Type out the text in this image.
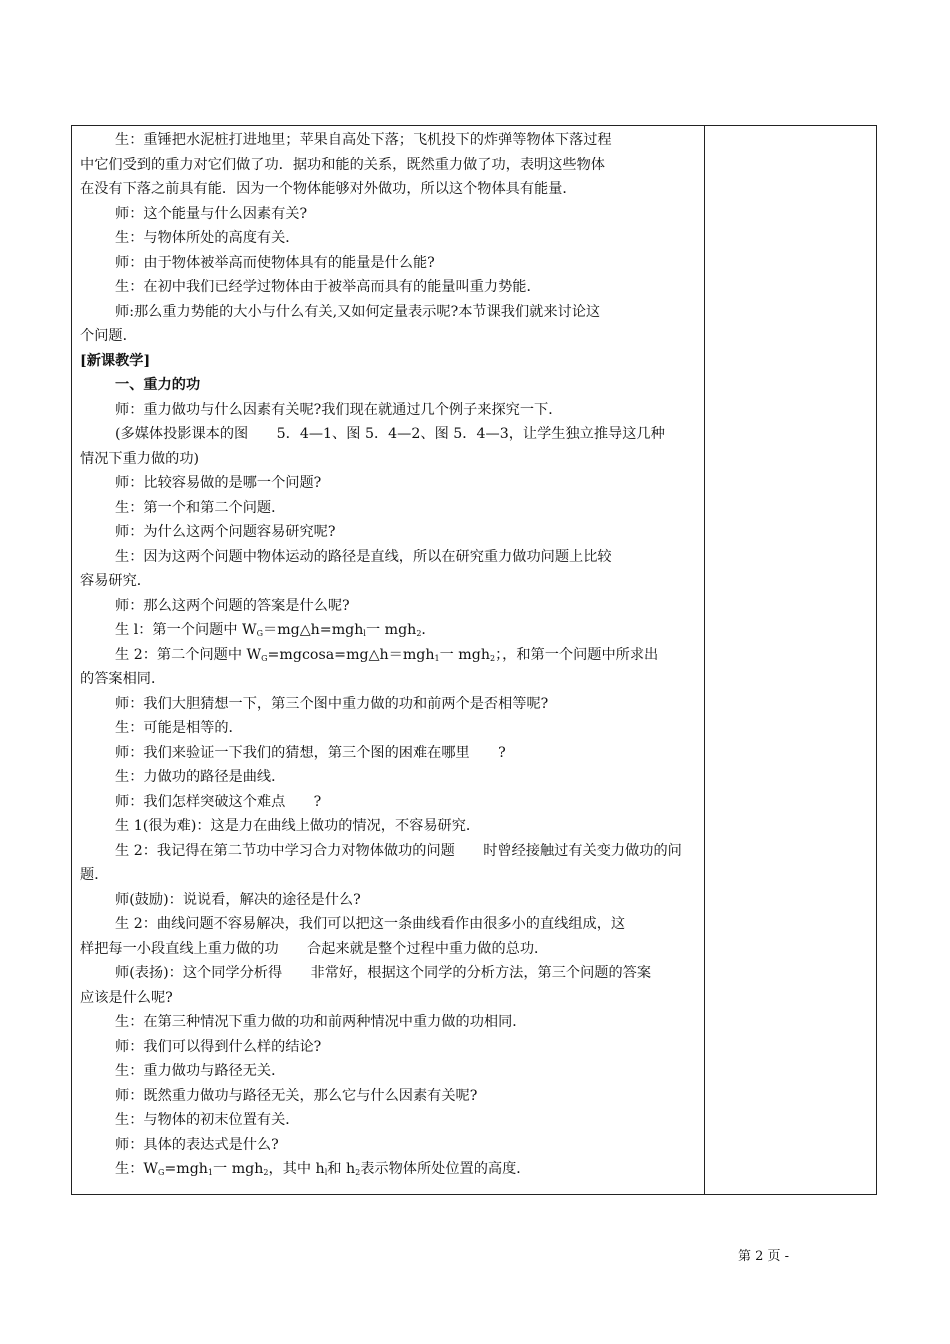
生：重锤把水泥桩打进地里；苹果自高处下落；飞机投下的炸弹等物体下落过程
中它们受到的重力对它们做了功．据功和能的关系，既然重力做了功，表明这些物体
在没有下落之前具有能．因为一个物体能够对外做功，所以这个物体具有能量．
师：这个能量与什么因素有关?
生：与物体所处的高度有关．
师：由于物体被举高而使物体具有的能量是什么能?
生：在初中我们已经学过物体由于被举高而具有的能量叫重力势能．
师:那么重力势能的大小与什么有关,又如何定量表示呢?本节课我们就来讨论这
个问题．
[新课教学]
一、重力的功
师：重力做功与什么因素有关呢?我们现在就通过几个例子来探究一下．
(多媒体投影课本的图　　5．4—1、图 5．4—2、图 5．4—3，让学生独立推导这几种
情况下重力做的功)
师：比较容易做的是哪一个问题?
生：第一个和第二个问题．
师：为什么这两个问题容易研究呢?
生：因为这两个问题中物体运动的路径是直线，所以在研究重力做功问题上比较
容易研究．
师：那么这两个问题的答案是什么呢?
生 l：第一个问题中 $W_G=mg\triangle h=mgh_l$一 mgh$_2$．
生 2：第二个问题中 $W_G=mgcosa=mg\triangle h=mgh_1$一 mgh$_2$；，和第一个问题中所求出
的答案相同．
师：我们大胆猜想一下，第三个图中重力做的功和前两个是否相等呢?
生：可能是相等的．
师：我们来验证一下我们的猜想，第三个图的困难在哪里　　?
生：力做功的路径是曲线．
师：我们怎样突破这个难点　　?
生 1(很为难)：这是力在曲线上做功的情况，不容易研究．
生 2：我记得在第二节功中学习合力对物体做功的问题　　时曾经接触过有关变力做功的问
题．
师(鼓励)：说说看，解决的途径是什么?
生 2：曲线问题不容易解决，我们可以把这一条曲线看作由很多小的直线组成，这
样把每一小段直线上重力做的功　　合起来就是整个过程中重力做的总功．
师(表扬)：这个同学分析得　　非常好，根据这个同学的分析方法，第三个问题的答案
应该是什么呢?
生：在第三种情况下重力做的功和前两种情况中重力做的功相同．
师：我们可以得到什么样的结论?
生：重力做功与路径无关．
师：既然重力做功与路径无关，那么它与什么因素有关呢?
生：与物体的初末位置有关．
师：具体的表达式是什么?
生：$W_G=mgh_1$一 mgh$_2$，其中 $h_l$和 $h_2$表示物体所处位置的高度．
第 2 页 -
